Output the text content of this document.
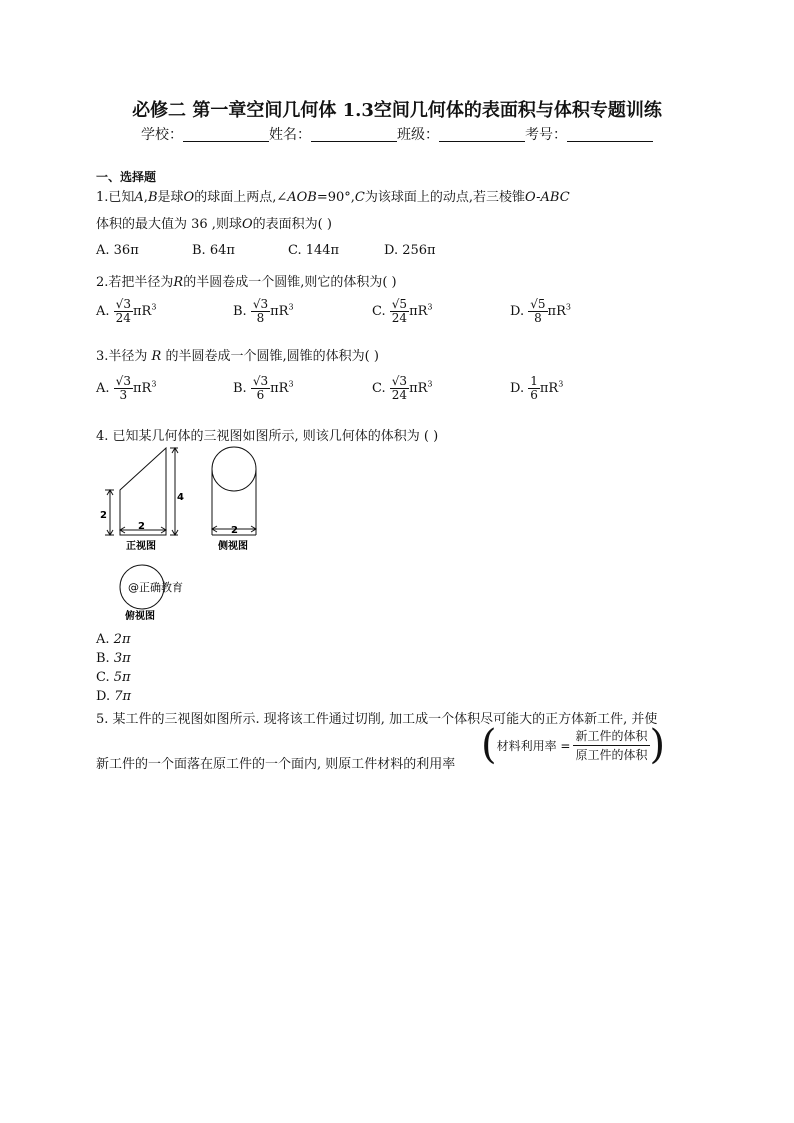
必修二 第一章空间几何体 1.3空间几何体的表面积与体积专题训练
学校：	姓名：	班级：	考号：
一、选择题
1.已知A,B是球O的球面上两点,∠AOB=90°,C为该球面上的动点,若三棱锥O-ABC
体积的最大值为 36 ,则球O的表面积为( )
A. 36π	B. 64π	C. 144π	D. 256π
2.若把半径为R的半圆卷成一个圆锥,则它的体积为( )
A. $\frac{√3}{24} \pi R^3$	B. $\frac{√3}{8} \pi R^3$	C. $\frac{√5}{24} \pi R^3$	D. $\frac{√5}{8} \pi R^3$
3.半径为 R 的半圆卷成一个圆锥,圆锥的体积为( )
A. $\frac{√3}{3} \pi R^3$	B. $\frac{√3}{6} \pi R^3$	C. $\frac{√3}{24} \pi R^3$	D. $\frac{1}{6} \pi R^3$
4. 已知某几何体的三视图如图所示, 则该几何体的体积为 ( )
4
2
2
正视图
2
侧视图
@正确教育
俯视图
A. 2π
B. 3π
C. 5π
D. 7π
5. 某工件的三视图如图所示. 现将该工件通过切削, 加工成一个体积尽可能大的正方体新工件, 并使
新工件的一个面落在原工件的一个面内, 则原工件材料的利用率 ( 材料利用率 = $\frac{\text{新工件的体积}}{\text{原工件的体积}}$ )
